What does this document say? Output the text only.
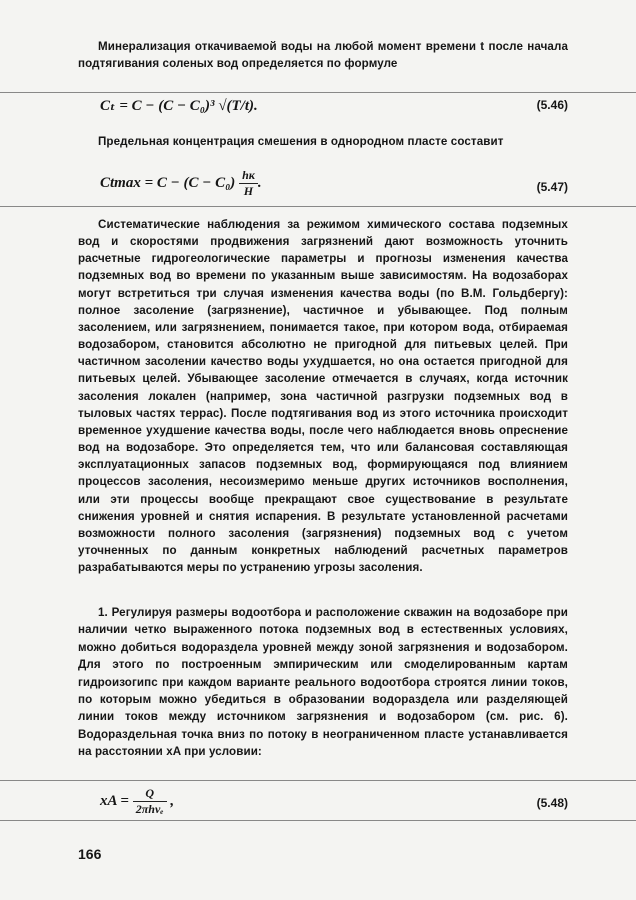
Минерализация откачиваемой воды на любой момент времени t после начала подтягивания соленых вод определяется по формуле
Cₜ = C − (C − C₀)³ √(T/t).	(5.46)
Предельная концентрация смешения в однородном пласте составит
$Ctmax = C - (C - C_0) \frac{hк}{H}$ .	(5.47)
Систематические наблюдения за режимом химического состава подземных вод и скоростями продвижения загрязнений дают возможность уточнить расчетные гидрогеологические параметры и прогнозы изменения качества подземных вод во времени по указанным выше зависимостям. На водозаборах могут встретиться три случая изменения качества воды (по В.М. Гольдбергу): полное засоление (загрязнение), частичное и убывающее. Под полным засолением, или загрязнением, понимается такое, при котором вода, отбираемая водозабором, становится абсолютно не пригодной для питьевых целей. При частичном засолении качество воды ухудшается, но она остается пригодной для питьевых целей. Убывающее засоление отмечается в случаях, когда источник засоления локален (например, зона частичной разгрузки подземных вод в тыловых частях террас). После подтягивания вод из этого источника происходит временное ухудшение качества воды, после чего наблюдается вновь опреснение вод на водозаборе. Это определяется тем, что или балансовая составляющая эксплуатационных запасов подземных вод, формирующаяся под влиянием процессов засоления, несоизмеримо меньше других источников восполнения, или эти процессы вообще прекращают свое существование в результате снижения уровней и снятия испарения. В результате установленной расчетами возможности полного засоления (загрязнения) подземных вод с учетом уточненных по данным конкретных наблюдений расчетных параметров разрабатываются меры по устранению угрозы засоления.
1. Регулируя размеры водоотбора и расположение скважин на водозаборе при наличии четко выраженного потока подземных вод в естественных условиях, можно добиться водораздела уровней между зоной загрязнения и водозабором. Для этого по построенным эмпирическим или смоделированным картам гидроизогипс при каждом варианте реального водоотбора строятся линии токов, по которым можно убедиться в образовании водораздела или разделяющей линии токов между источником загрязнения и водозабором (см. рис. 6). Водораздельная точка вниз по потоку в неограниченном пласте устанавливается на расстоянии xA при условии:
xA = $\frac{Q}{\text{2πhvₑ}}$ ,	(5.48)
166
